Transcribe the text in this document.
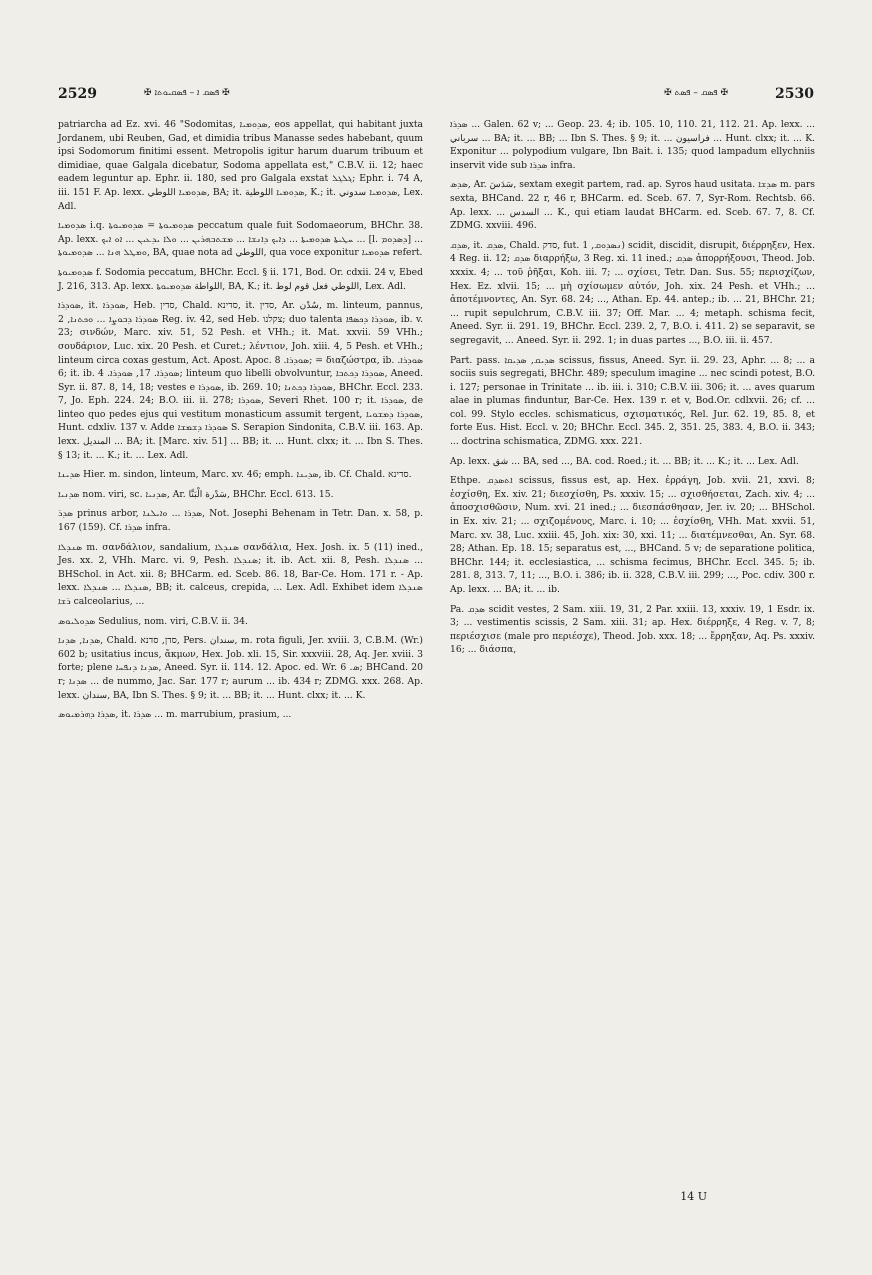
2529	✠ ܦܣܩ ܐ – ܦܣܩܝܘܬܐ ✠	✠ ܦܣܩ – ܦܣܬ ✠	2530

patriarcha ad Ez. xvi. 46 "Sodomitas, ܣܕܘܡܝܐ, eos appellat, qui habitant juxta Jordanem, ubi Reuben, Gad, et dimidia tribus Manasse sedes habebant, quum ipsi Sodomorum finitimi essent. Metropolis igitur harum duarum tribuum et dimidiae, quae Galgala dicebatur, Sodoma appellata est," C.B.V. ii. 12; haec eadem leguntur ap. Ephr. ii. 180, sed pro Galgala exstat ܓܠܓܠ; Ephr. i. 74 A, iii. 151 F. Ap. lexx. ܣܕܘܡܝܐ اللوطي, BA; it. ܣܕܘܡܝܐ اللوطية, K.; it. ܣܕܘܡܝܐ سدوني, Lex. Adl.

ܣܕܘܡܝܐ i.q. ܣܕܘܡܝܘܬܐ = ܣܕܘܡܝܘܬܐ peccatum quale fuit Sodomaeorum, BHChr. 38. Ap. lexx. ܚܛܝܬܐ ܣܕܘܡܝܬܐ ... ܕܐܝܟ ܕܐܢܫܐ ... ܡܫܬܒܗܪܝܢ ... ܘܠܐ ܝܕܥܝܢ ... ܐܘ ܐܝܟ ... [l. ܕܣܕܘܡ] ... ܘܡܛܠ ܗܢܐ ... ܣܕܘܡܝܘܬܐ, BA, quae nota ad اللوطي, qua voce exponitur ܣܕܘܡܝܐ refert.

ܣܕܘܡܝܘܬܐ f. Sodomia peccatum, BHChr. Eccl. § ii. 171, Bod. Or. cdxii. 24 v, Ebed J. 216, 313. Ap. lexx. اللواطة ܣܕܘܡܝܘܬܐ, BA, K.; it. اللوطي فعل قوم لوط, Lex. Adl.

ܣܘܕܪܐ, it. ܣܘܕܪܐ, Heb. סדין, Chald. סדינא, it. סדין, Ar. سُدْن, m. linteum, pannus, ܣܘܕܪܐ ܕܒܘܨܐ ... ܘܟܬܢܐ, 2 Reg. iv. 42, sed Heb. צקלנו; duo talenta ܣܘܕܪܐ ܕܟܣܦܐ, ib. v. 23; σινδών, Marc. xiv. 51, 52 Pesh. et VHh.; it. Mat. xxvii. 59 VHh.; σουδάριον, Luc. xix. 20 Pesh. et Curet.; λέντιον, Joh. xiii. 4, 5 Pesh. et VHh.; linteum circa coxas gestum, Act. Apost. Apoc. ܣܘܕܪܐ. 8; = διαζώστρα, ib. ܣܘܕܪܐ. 6; it. ib. ܣܘܕܪܐ. 17, ܣܘܕܪܐ. 4; linteum quo libelli obvolvuntur, ܣܘܕܪܐ ܕܟܬܒܐ, Aneed. Syr. ii. 87. 8, 14, 18; vestes e ܣܘܕܪܐ, ib. 269. 10; ܣܘܕܪܐ ܕܟܬܢܐ, BHChr. Eccl. 233. 7, Jo. Eph. 224. 24; B.O. iii. ii. 278; ܣܘܕܪܐ, Severi Rhet. 100 r; it. ܣܘܕܪܐ, de linteo quo pedes ejus qui vestitum monasticum assumit tergent, ܣܘܕܪܐ ܕܡܫܘܝܐ, Hunt. cdxliv. 137 v. Adde ܣܘܕܪܐ ܕܫܡܫܐ S. Serapion Sindonita, C.B.V. iii. 163. Ap. lexx. المنديل ... BA; it. [Marc. xiv. 51] ... BB; it. ... Hunt. clxx; it. ... Ibn S. Thes. § 13; it. ... K.; it. ... Lex. Adl.

ܣܕܝܢܐ Hier. m. sindon, linteum, Marc. xv. 46; emph. ܣܕܝܢܐ, ib. Cf. Chald. סדינא.

ܣܕܢܝܐ nom. viri, sc. ܣܕܢܝܐ, Ar. سَدْرة الْبَنَّا, BHChr. Eccl. 613. 15.

ܣܕܪ prinus arbor, ܣܕܪܐ ... ܘܐܝܠܢܐ, Not. Josephi Behenam in Tetr. Dan. x. 58, p. 167 (159). Cf. ܣܕܪܐ infra.

ܣܢܕܠܐ m. σανδάλιον, sandalium, ܣܢܕܠܐ σανδάλια, Hex. Josh. ix. 5 (11) ined., Jes. xx. 2, VHh. Marc. vi. 9, Pesh. ܣܢܕܠܐ; it. ib. Act. xii. 8, Pesh. ܣܢܕܠܐ ... BHSchol. in Act. xii. 8; BHCarm. ed. Sceb. 86. 18, Bar-Ce. Hom. 171 r. - Ap. lexx. ܣܢܕܠܐ ... ܣܢܕܠܐ, BB; it. calceus, crepida, ... Lex. Adl. Exhibet idem ܣܢܕܠܐ ܪܫܐ calceolarius, ...

ܣܕܘܠܝܘܣ Sedulius, nom. viri, C.B.V. ii. 34.

ܣܕܢܐ, ܣܕܢܐ, Chald. סדן, סדנא, Pers. سندان, m. rota figuli, Jer. xviii. 3, C.B.M. (Wr.) 602 b; usitatius incus, ἄκμων, Hex. Job. xli. 15, Sir. xxxviii. 28, Aq. Jer. xviii. 3 forte; plene ܣܕܢܐ ܕܢܦܚܐ, Aneed. Syr. ii. 114. 12. Apoc. ed. Wr. ܣ. 6; BHCand. 20 r; ܣܕܢܐ ... de nummo, Jac. Sar. 177 r; aurum ... ib. 434 r; ZDMG. xxx. 268. Ap. lexx. سندان, BA, Ibn S. Thes. § 9; it. ... BB; it. ... Hunt. clxx; it. ... K.

ܣܕܪܐ ܕܗܪܡܝܘܣ, it. ܣܕܪܐ ... m. marrubium, prasium, ...

ܣܕܪܐ ... Galen. 62 v; ... Geop. 23. 4; ib. 105. 10, 110. 21, 112. 21. Ap. lexx. ... سرباني ... BA; it. ... BB; ... Ibn S. Thes. § 9; it. ... فراسيون ... Hunt. clxx; it. ... K. Exponitur ... polypodium vulgare, Ibn Bait. i. 135; quod lampadum ellychniis inservit vide sub ܣܕܪܐ infra.

ܣܕܣ, Ar. سَدَسَ, sextam exegit partem, rad. ap. Syros haud usitata. ܣܕܫܐ m. pars sexta, BHCand. 22 r, 46 r, BHCarm. ed. Sceb. 67. 7, Syr-Rom. Rechtsb. 66. Ap. lexx. ... السدس ... K., qui etiam laudat BHCarm. ed. Sceb. 67. 7, 8. Cf. ZDMG. xxviii. 496.

ܣܕܩ, it. ܣܕܩ, Chald. סדק, fut. ܢܣܕܘܩ, 1) scidit, discidit, disrupit, διέρρηξεν, Hex. 4 Reg. ii. 12; ܣܕܩ διαρρήξω, 3 Reg. xi. 11 ined.; ܣܕܩ ἀπορρήξουσι, Theod. Job. xxxix. 4; ... τοῦ ῥῆξαι, Koh. iii. 7; ... σχίσει, Tetr. Dan. Sus. 55; περισχίζων, Hex. Ez. xlvii. 15; ... μὴ σχίσωμεν αὐτόν, Joh. xix. 24 Pesh. et VHh.; ... ἀποτέμνοντες, An. Syr. 68. 24; ..., Athan. Ep. 44. antep.; ib. ... 21, BHChr. 21; ... rupit sepulchrum, C.B.V. iii. 37; Off. Mar. ... 4; metaph. schisma fecit, Aneed. Syr. ii. 291. 19, BHChr. Eccl. 239. 2, 7, B.O. i. 411. 2) se separavit, se segregavit, ... Aneed. Syr. ii. 292. 1; in duas partes ..., B.O. iii. ii. 457.

Part. pass. ܣܕܝܩ, ܣܕܝܩܐ scissus, fissus, Aneed. Syr. ii. 29. 23, Aphr. ... 8; ... a sociis suis segregati, BHChr. 489; speculum imagine ... nec scindi potest, B.O. i. 127; personae in Trinitate ... ib. iii. i. 310; C.B.V. iii. 306; it. ... aves quarum alae in plumas finduntur, Bar-Ce. Hex. 139 r. et v, Bod.Or. cdlxvii. 26; cf. ... col. 99. Stylo eccles. schismaticus, σχισματικός, Rel. Jur. 62. 19, 85. 8, et forte Eus. Hist. Eccl. v. 20; BHChr. Eccl. 345. 2, 351. 25, 383. 4, B.O. ii. 343; ... doctrina schismatica, ZDMG. xxx. 221.

Ap. lexx. شق ... BA, sed ..., BA. cod. Roed.; it. ... BB; it. ... K.; it. ... Lex. Adl.

Ethpe. ܐܬܣܕܩ scissus, fissus est, ap. Hex. ἐρράγη, Job. xvii. 21, xxvi. 8; ἐσχίσθη, Ex. xiv. 21; διεσχίσθη, Ps. xxxiv. 15; ... σχισθήσεται, Zach. xiv. 4; ... ἀποσχισθῶσιν, Num. xvi. 21 ined.; ... διεσπάσθησαν, Jer. iv. 20; ... BHSchol. in Ex. xiv. 21; ... σχιζομένους, Marc. i. 10; ... ἐσχίσθη, VHh. Mat. xxvii. 51, Marc. xv. 38, Luc. xxiii. 45, Joh. xix: 30, xxi. 11; ... διατέμνεσθαι, An. Syr. 68. 28; Athan. Ep. 18. 15; separatus est, ..., BHCand. 5 v; de separatione politica, BHChr. 144; it. ecclesiastica, ... schisma fecimus, BHChr. Eccl. 345. 5; ib. 281. 8, 313. 7, 11; ..., B.O. i. 386; ib. ii. 328, C.B.V. iii. 299; ..., Poc. cdiv. 300 r. Ap. lexx. ... BA; it. ... ib.

Pa. ܣܕܩ scidit vestes, 2 Sam. xiii. 19, 31, 2 Par. xxiii. 13, xxxiv. 19, 1 Esdr. ix. 3; ... vestimentis scissis, 2 Sam. xiii. 31; ap. Hex. διέρρηξε, 4 Reg. v. 7, 8; περιέσχισε (male pro περιέσχε), Theod. Job. xxx. 18; ... ἔρρηξαν, Aq. Ps. xxxiv. 16; ... διάσπα,

14 U
